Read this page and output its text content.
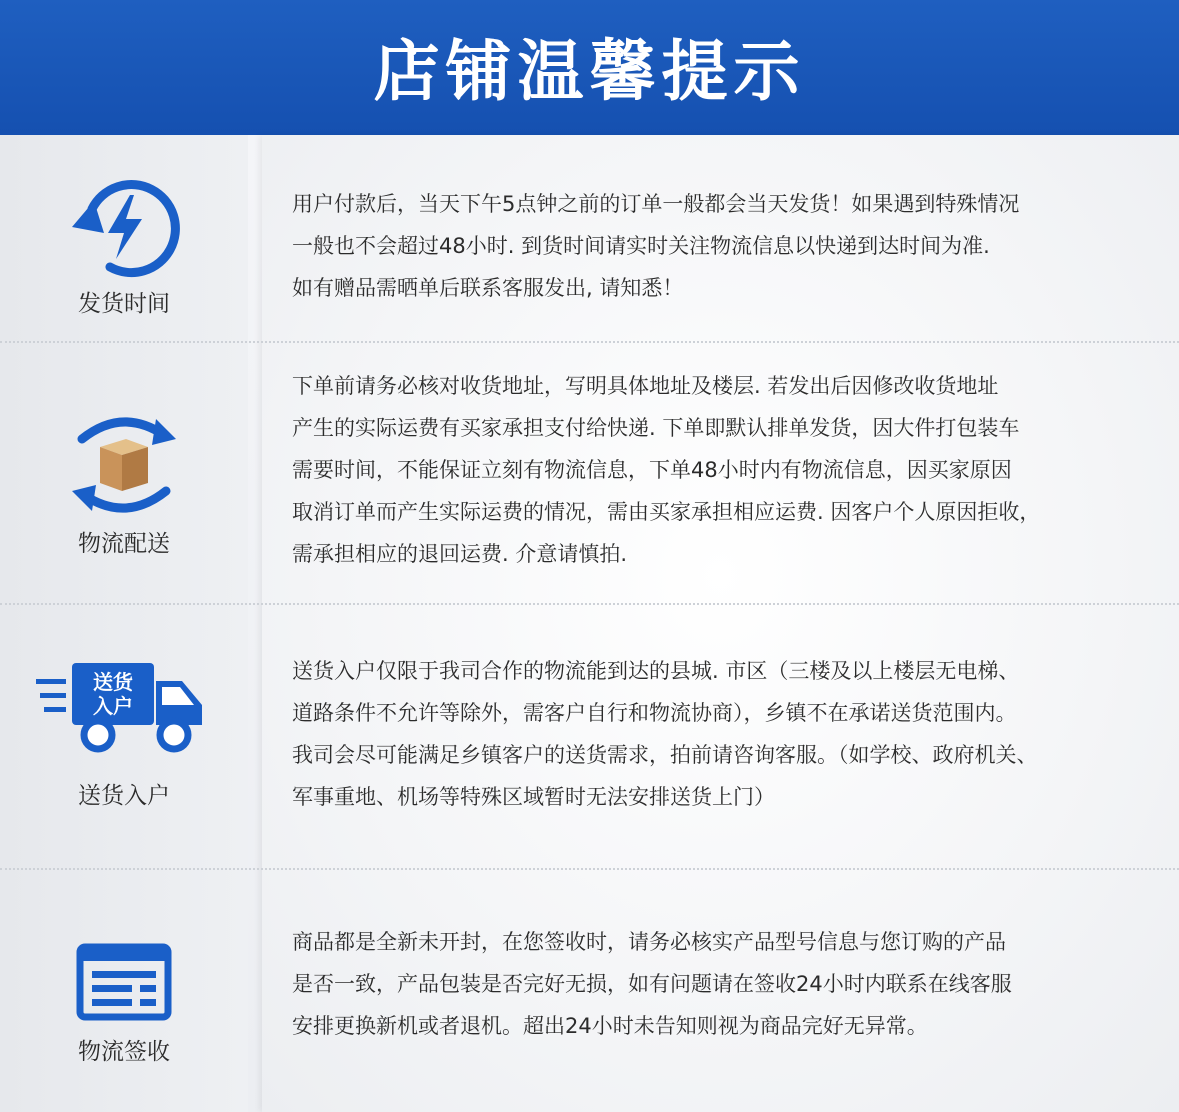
店铺温馨提示
发货时间
用户付款后，当天下午5点钟之前的订单一般都会当天发货！如果遇到特殊情况
一般也不会超过48小时. 到货时间请实时关注物流信息以快递到达时间为准.
如有赠品需晒单后联系客服发出, 请知悉！
物流配送
下单前请务必核对收货地址，写明具体地址及楼层. 若发出后因修改收货地址
产生的实际运费有买家承担支付给快递. 下单即默认排单发货，因大件打包装车
需要时间，不能保证立刻有物流信息，下单48小时内有物流信息，因买家原因
取消订单而产生实际运费的情况，需由买家承担相应运费. 因客户个人原因拒收，
需承担相应的退回运费. 介意请慎拍.
送货
入户
送货入户
送货入户仅限于我司合作的物流能到达的县城. 市区（三楼及以上楼层无电梯、
道路条件不允许等除外，需客户自行和物流协商），乡镇不在承诺送货范围内。
我司会尽可能满足乡镇客户的送货需求，拍前请咨询客服。（如学校、政府机关、
军事重地、机场等特殊区域暂时无法安排送货上门）
物流签收
商品都是全新未开封，在您签收时，请务必核实产品型号信息与您订购的产品
是否一致，产品包装是否完好无损，如有问题请在签收24小时内联系在线客服
安排更换新机或者退机。超出24小时未告知则视为商品完好无异常。
